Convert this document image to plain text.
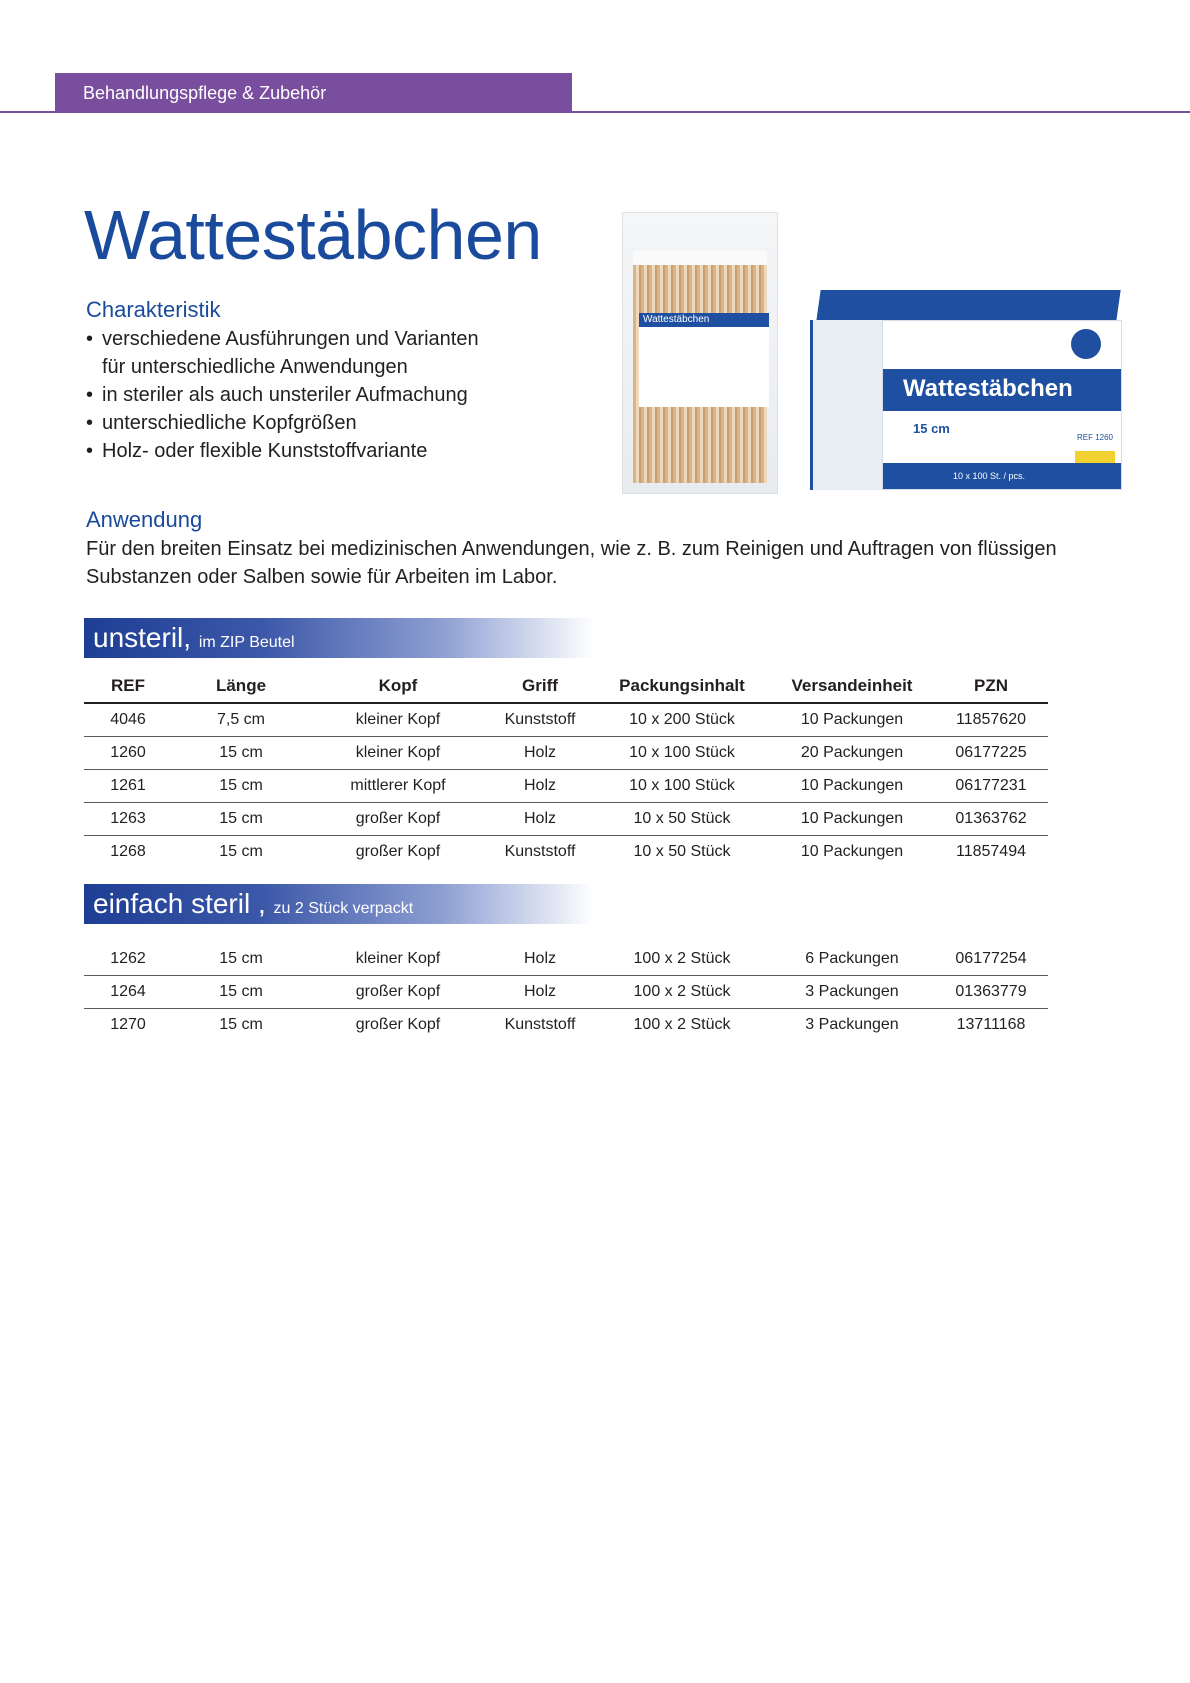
Behandlungspflege & Zubehör
Wattestäbchen
Charakteristik
• verschiedene Ausführungen und Varianten für unterschiedliche Anwendungen
• in steriler als auch unsteriler Aufmachung
• unterschiedliche Kopfgrößen
• Holz- oder flexible Kunststoffvariante
Wattestäbchen
Wattestäbchen
15 cm
REF 1260
10 x 100 St. / pcs.
Anwendung

Für den breiten Einsatz bei medizinischen Anwendungen, wie z. B. zum Reinigen und Auftragen von flüssigen Substanzen oder Salben sowie für Arbeiten im Labor.

unsteril, im ZIP Beutel
REF	Länge	Kopf	Griff	Packungsinhalt	Versandeinheit	PZN
4046	7,5 cm	kleiner Kopf	Kunststoff	10 x 200 Stück	10 Packungen	11857620
1260	15 cm	kleiner Kopf	Holz	10 x 100 Stück	20 Packungen	06177225
1261	15 cm	mittlerer Kopf	Holz	10 x 100 Stück	10 Packungen	06177231
1263	15 cm	großer Kopf	Holz	10 x 50 Stück	10 Packungen	01363762
1268	15 cm	großer Kopf	Kunststoff	10 x 50 Stück	10 Packungen	11857494
einfach steril , zu 2 Stück verpackt
1262	15 cm	kleiner Kopf	Holz	100 x 2 Stück	6 Packungen	06177254
1264	15 cm	großer Kopf	Holz	100 x 2 Stück	3 Packungen	01363779
1270	15 cm	großer Kopf	Kunststoff	100 x 2 Stück	3 Packungen	13711168
